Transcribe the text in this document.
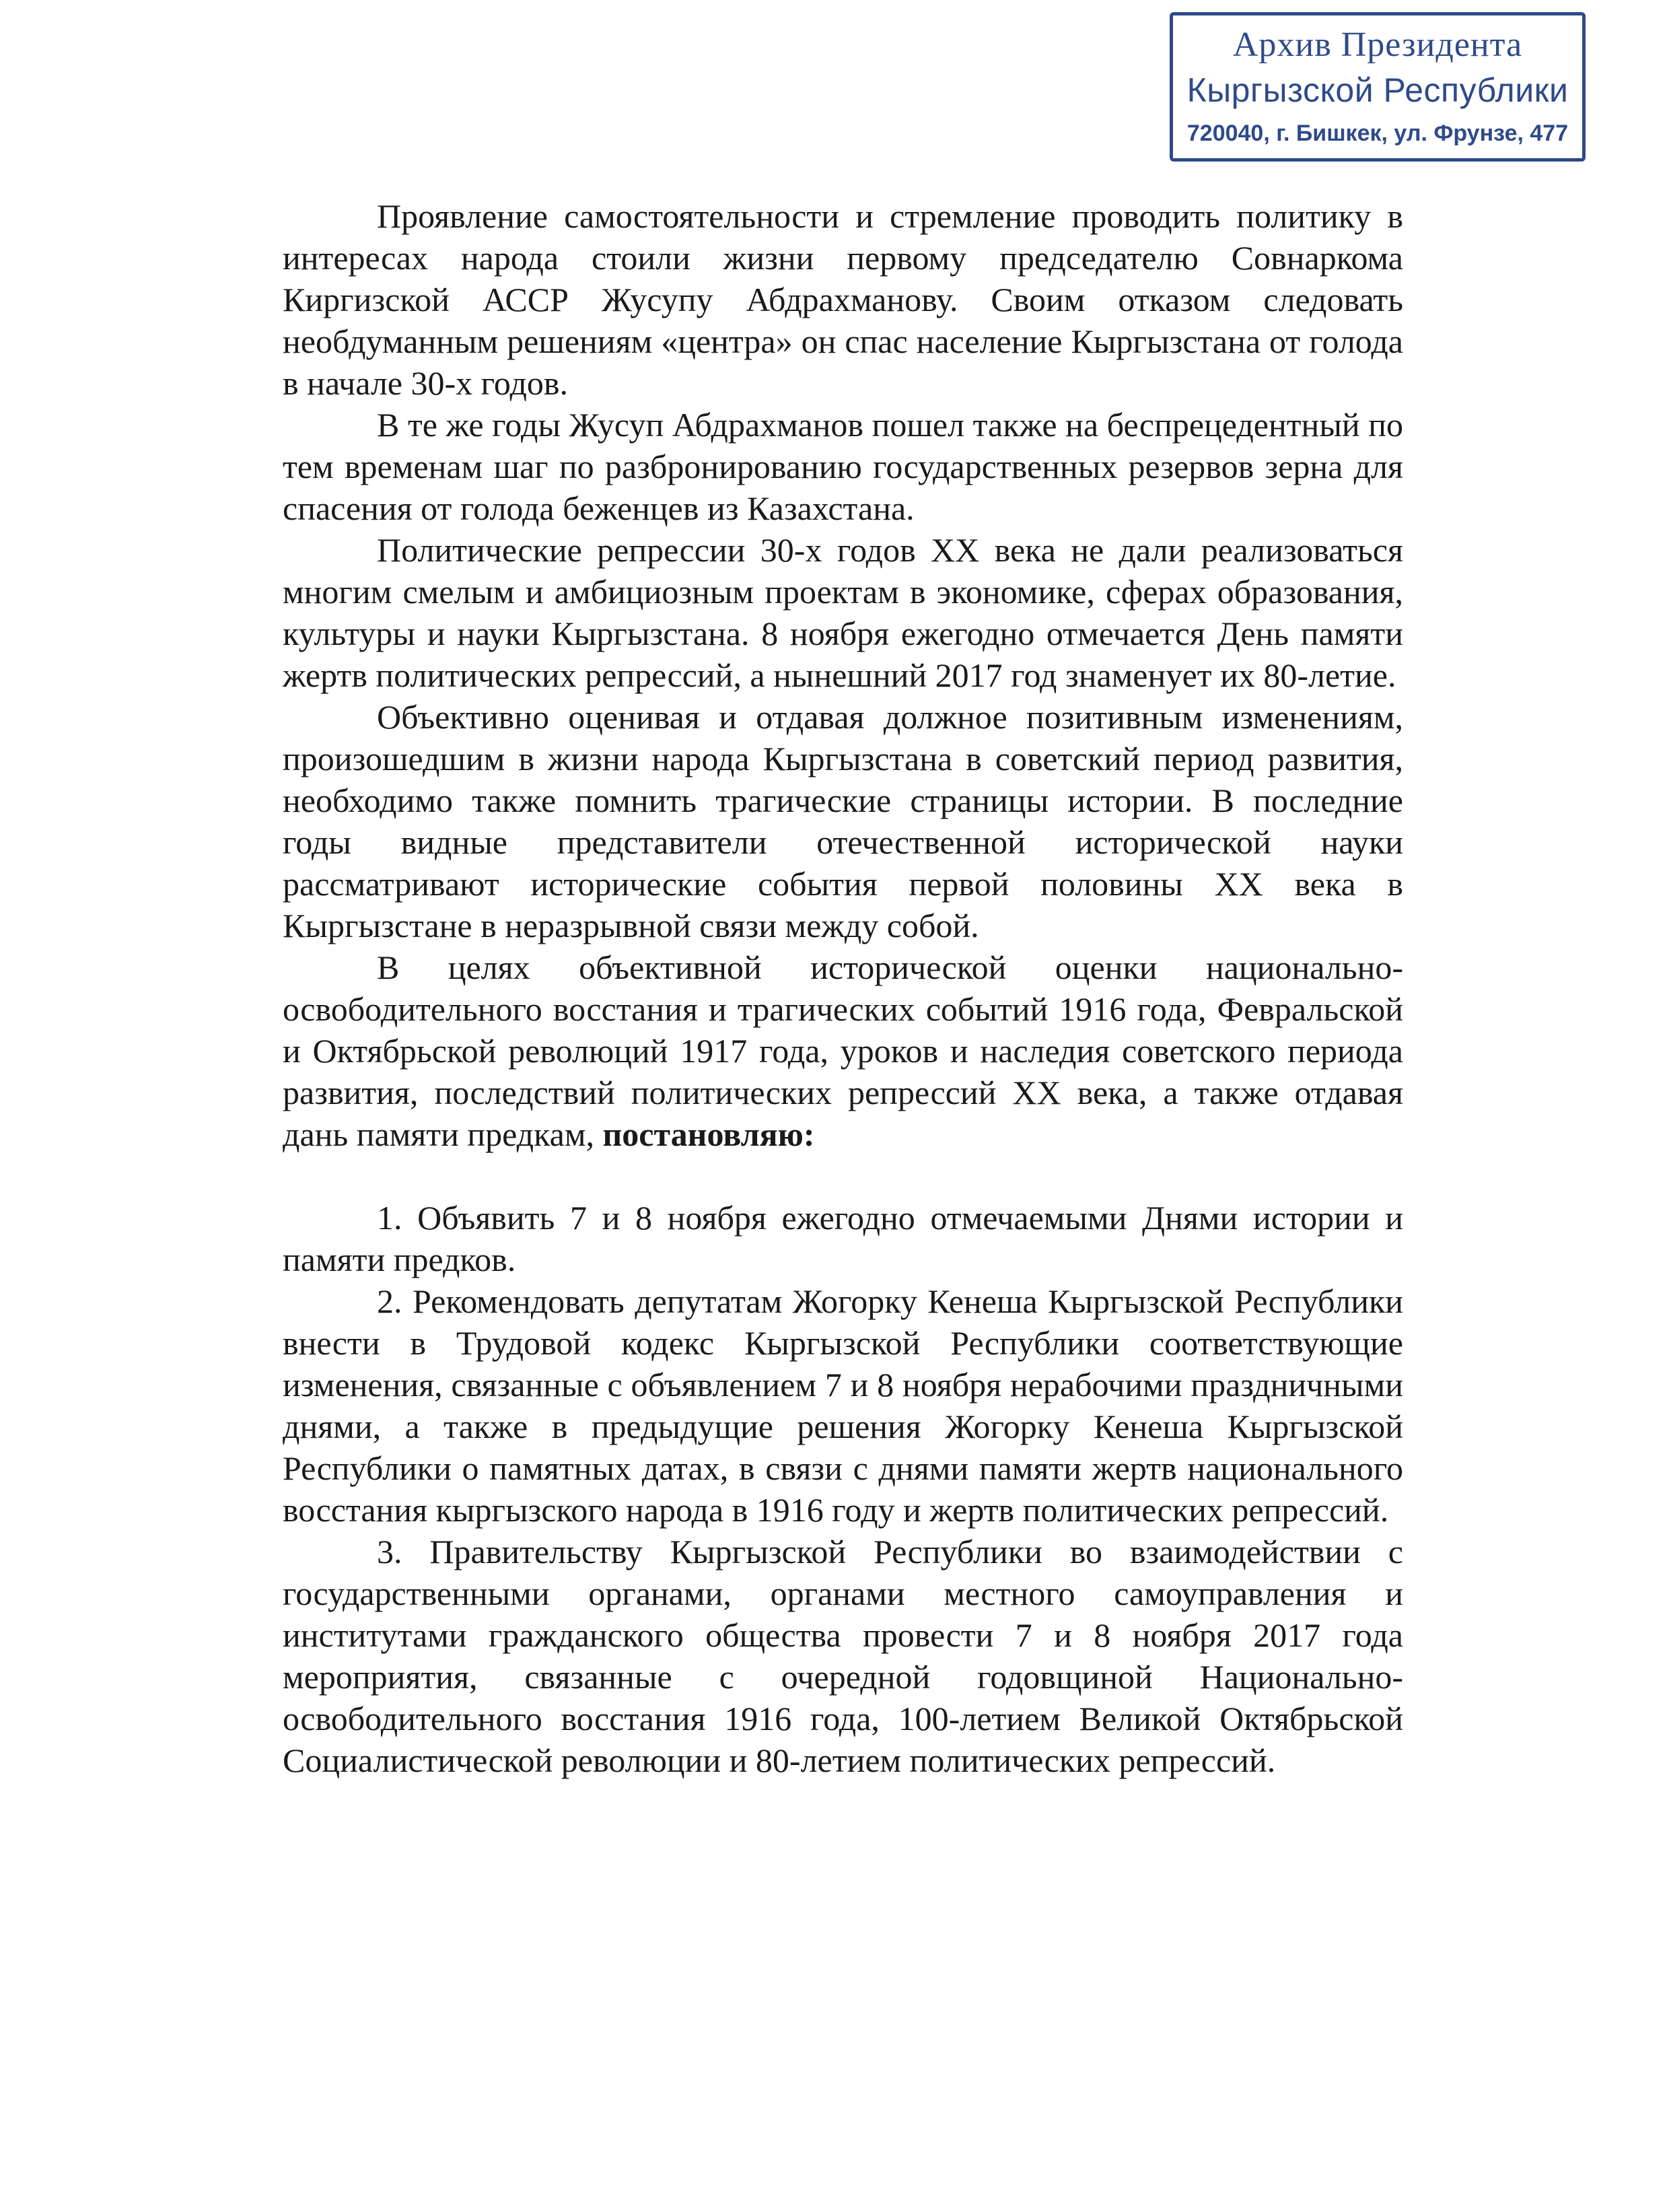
Архив Президента
Кыргызской Республики
720040, г. Бишкек, ул. Фрунзе, 477

Проявление самостоятельности и стремление проводить политику в интересах народа стоили жизни первому председателю Совнаркома Киргизской АССР Жусупу Абдрахманову. Своим отказом следовать необдуманным решениям «центра» он спас население Кыргызстана от голода в начале 30-х годов.

В те же годы Жусуп Абдрахманов пошел также на беспрецедентный по тем временам шаг по разбронированию государственных резервов зерна для спасения от голода беженцев из Казахстана.

Политические репрессии 30-х годов XX века не дали реализоваться многим смелым и амбициозным проектам в экономике, сферах образования, культуры и науки Кыргызстана. 8 ноября ежегодно отмечается День памяти жертв политических репрессий, а нынешний 2017 год знаменует их 80-летие.

Объективно оценивая и отдавая должное позитивным изменениям, произошедшим в жизни народа Кыргызстана в советский период развития, необходимо также помнить трагические страницы истории. В последние годы видные представители отечественной исторической науки рассматривают исторические события первой половины XX века в Кыргызстане в неразрывной связи между собой.

В целях объективной исторической оценки национально-освободительного восстания и трагических событий 1916 года, Февральской и Октябрьской революций 1917 года, уроков и наследия советского периода развития, последствий политических репрессий XX века, а также отдавая дань памяти предкам, постановляю:

1. Объявить 7 и 8 ноября ежегодно отмечаемыми Днями истории и памяти предков.

2. Рекомендовать депутатам Жогорку Кенеша Кыргызской Республики внести в Трудовой кодекс Кыргызской Республики соответствующие изменения, связанные с объявлением 7 и 8 ноября нерабочими праздничными днями, а также в предыдущие решения Жогорку Кенеша Кыргызской Республики о памятных датах, в связи с днями памяти жертв национального восстания кыргызского народа в 1916 году и жертв политических репрессий.

3. Правительству Кыргызской Республики во взаимодействии с государственными органами, органами местного самоуправления и институтами гражданского общества провести 7 и 8 ноября 2017 года мероприятия, связанные с очередной годовщиной Национально-освободительного восстания 1916 года, 100-летием Великой Октябрьской Социалистической революции и 80-летием политических репрессий.
